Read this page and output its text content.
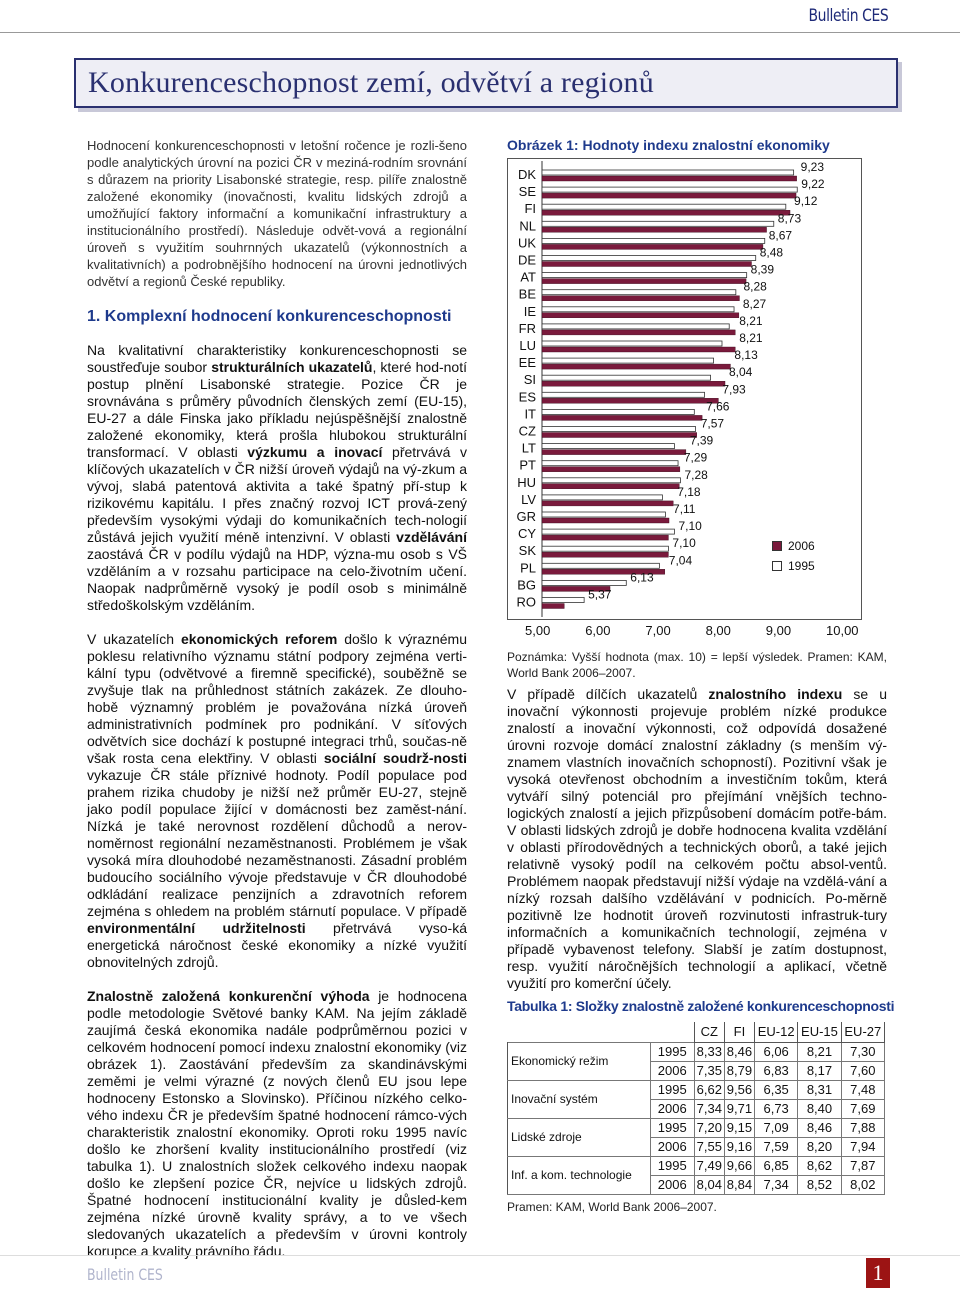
Bulletin CES
Konkurenceschopnost zemí, odvětví a regionů

Hodnocení konkurenceschopnosti v letošní ročence je rozli-šeno podle analytických úrovní na pozici ČR v meziná-rodním srovnání s důrazem na priority Lisabonské strategie, resp. pilíře znalostně založené ekonomiky (inovačnosti, kvalitu lidských zdrojů a umožňující faktory informační a komunikační infrastruktury a institucionálního prostředí). Následuje odvět-vová a regionální úroveň s využitím souhrnných ukazatelů (výkonnostních a kvalitativních) a podrobnějšího hodnocení na úrovni jednotlivých odvětví a regionů České republiky.

1. Komplexní hodnocení konkurenceschopnosti

Na kvalitativní charakteristiky konkurenceschopnosti se soustřeďuje soubor strukturálních ukazatelů, které hod-notí postup plnění Lisabonské strategie. Pozice ČR je srovnávána s průměry původních členských zemí (EU-15), EU-27 a dále Finska jako příkladu nejúspěšnější znalostně založené ekonomiky, která prošla hlubokou strukturální transformací. V oblasti výzkumu a inovací přetrvává v klíčových ukazatelích v ČR nižší úroveň výdajů na vý-zkum a vývoj, slabá patentová aktivita a také špatný pří-stup k rizikovému kapitálu. I přes značný rozvoj ICT prová-zený především vysokými výdaji do komunikačních tech-nologií zůstává jejich využití méně intenzivní. V oblasti vzdělávání zaostává ČR v podílu výdajů na HDP, význa-mu osob s VŠ vzděláním a v rozsahu participace na celo-životním učení. Naopak nadprůměrně vysoký je podíl osob s minimálně středoškolským vzděláním.

V ukazatelích ekonomických reforem došlo k výraznému poklesu relativního významu státní podpory zejména verti-kální typu (odvětvové a firemně specifické), souběžně se zvyšuje tlak na průhlednost státních zakázek. Ze dlouho-hobě významný problém je považována nízká úroveň administrativních podmínek pro podnikání. V síťových odvětvích sice dochází k postupné integraci trhů, součas-ně však rosta cena elektřiny. V oblasti sociální soudrž-nosti vykazuje ČR stále příznivé hodnoty. Podíl populace pod prahem rizika chudoby je nižší než průměr EU-27, stejně jako podíl populace žijící v domácnosti bez zaměst-nání. Nízká je také nerovnost rozdělení důchodů a nerov-noměrnost regionální nezaměstnanosti. Problémem je však vysoká míra dlouhodobé nezaměstnanosti. Zásadní problém budoucího sociálního vývoje představuje v ČR dlouhodobé odkládání realizace penzijních a zdravotních reforem zejména s ohledem na problém stárnutí populace. V případě environmentální udržitelnosti přetrvává vyso-ká energetická náročnost české ekonomiky a nízké využití obnovitelných zdrojů.

Znalostně založená konkurenční výhoda je hodnocena podle metodologie Světové banky KAM. Na jejím základě zaujímá česká ekonomika nadále podprůměrnou pozici v celkovém hodnocení pomocí indexu znalostní ekonomiky (viz obrázek 1). Zaostávání především za skandinávskými zeměmi je velmi výrazné (z nových členů EU jsou lepe hodnoceny Estonsko a Slovinsko). Příčinou nízkého celko-vého indexu ČR je především špatné hodnocení rámco-vých charakteristik znalostní ekonomiky. Oproti roku 1995 navíc došlo ke zhoršení kvality institucionálního prostředí (viz tabulka 1). U znalostních složek celkového indexu naopak došlo ke zlepšení pozice ČR, nejvíce u lidských zdrojů. Špatné hodnocení institucionální kvality je důsled-kem zejména nízké úrovně kvality správy, a to ve všech sledovaných ukazatelích a především v úrovni kontroly korupce a kvality právního řádu.

Obrázek 1: Hodnoty indexu znalostní ekonomiky
DK	9,23
SE	9,22
FI	9,12
NL	8,73
UK	8,67
DE	8,48
AT	8,39
BE	8,28
IE	8,27
FR	8,21
LU	8,21
EE	8,13
SI	8,04
ES	7,93
IT	7,66
CZ	7,57
LT	7,39
PT	7,29
HU	7,28
LV	7,18
GR	7,11
CY	7,10
SK	7,10
PL	7,04
BG	6,13
RO	5,37
2006
1995
5,00	6,00	7,00	8,00	9,00	10,00
Poznámka: Vyšší hodnota (max. 10) = lepší výsledek. Pramen: KAM, World Bank 2006–2007.

V případě dílčích ukazatelů znalostního indexu se u inovační výkonnosti projevuje problém nízké produkce znalostí a inovační výkonnosti, což odpovídá dosažené úrovni rozvoje domácí znalostní základny (s menším vý-znamem vlastních inovačních schopností). Pozitivní však je vysoká otevřenost obchodním a investičním tokům, která vytváří silný potenciál pro přejímání vnějších techno-logických znalostí a jejich přizpůsobení domácím potře-bám. V oblasti lidských zdrojů je dobře hodnocena kvalita vzdělání v oblasti přírodovědných a technických oborů, a také jejich relativně vysoký podíl na celkovém počtu absol-ventů. Problémem naopak představují nižší výdaje na vzdělá-vání a nízký rozsah dalšího vzdělávání v podnicích. Po-měrně pozitivně lze hodnotit úroveň rozvinutosti infrastruk-tury informačních a komunikačních technologií, zejména v případě vybavenost telefony. Slabší je zatím dostupnost, resp. využití náročnějších technologií a aplikací, včetně využití pro komerční účely.

Tabulka 1: Složky znalostně založené konkurenceschopnosti
		CZ	FI	EU-12	EU-15	EU-27
Ekonomický režim	1995	8,33	8,46	6,06	8,21	7,30
	2006	7,35	8,79	6,83	8,17	7,60
Inovační systém	1995	6,62	9,56	6,35	8,31	7,48
	2006	7,34	9,71	6,73	8,40	7,69
Lidské zdroje	1995	7,20	9,15	7,09	8,46	7,88
	2006	7,55	9,16	7,59	8,20	7,94
Inf. a kom. technologie	1995	7,49	9,66	6,85	8,62	7,87
	2006	8,04	8,84	7,34	8,52	8,02
Pramen: KAM, World Bank 2006–2007.
Bulletin CES	1
